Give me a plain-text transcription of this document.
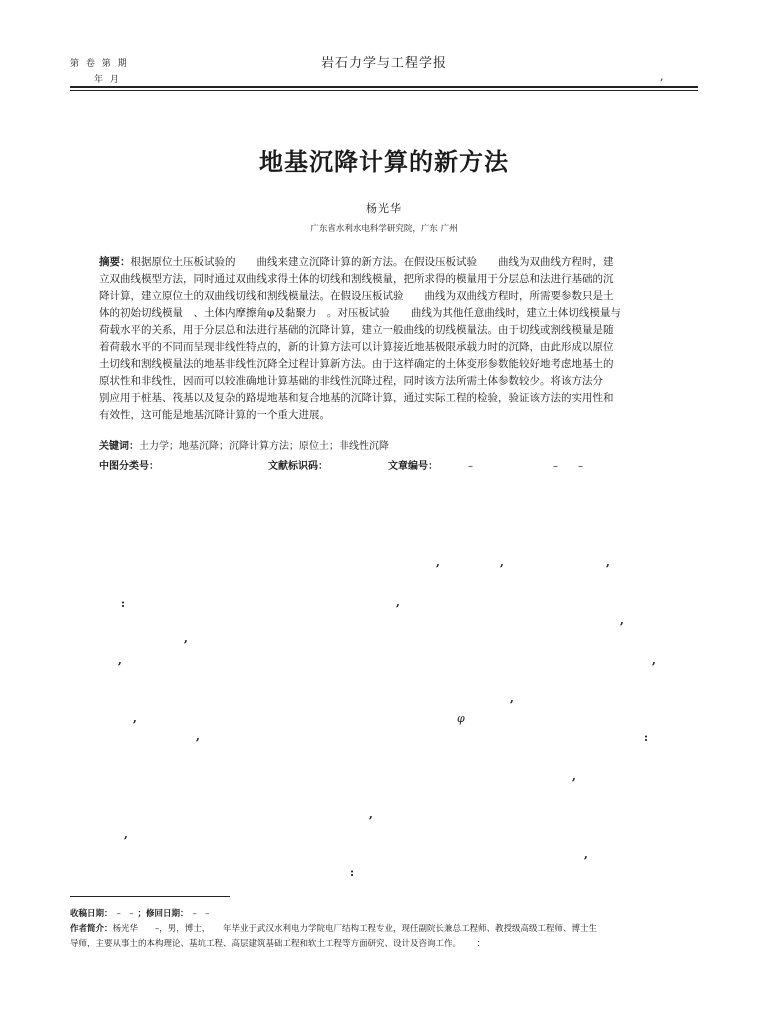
第 卷 第 期
年 月
岩石力学与工程学报
,
地基沉降计算的新方法
杨光华
广东省水利水电科学研究院，广东 广州
摘要：根据原位土压板试验的　　曲线来建立沉降计算的新方法。在假设压板试验　　曲线为双曲线方程时，建
立双曲线模型方法，同时通过双曲线求得土体的切线和割线模量，把所求得的模量用于分层总和法进行基础的沉
降计算，建立原位土的双曲线切线和割线模量法。在假设压板试验　　曲线为双曲线方程时，所需要参数只是土
体的初始切线模量　、土体内摩擦角φ及黏聚力　。对压板试验　　曲线为其他任意曲线时，建立土体切线模量与
荷载水平的关系，用于分层总和法进行基础的沉降计算，建立一般曲线的切线模量法。由于切线或割线模量是随
着荷载水平的不同而呈现非线性特点的，新的计算方法可以计算接近地基极限承载力时的沉降，由此形成以原位
土切线和割线模量法的地基非线性沉降全过程计算新方法。由于这样确定的土体变形参数能较好地考虑地基土的
原状性和非线性，因而可以较准确地计算基础的非线性沉降过程，同时该方法所需土体参数较少。将该方法分
别应用于桩基、筏基以及复杂的路堤地基和复合地基的沉降计算，通过实际工程的检验，验证该方法的实用性和
有效性，这可能是地基沉降计算的一个重大进展。
关键词：土力学；地基沉降；沉降计算方法；原位土；非线性沉降
中图分类号：	文献标识码：	文章编号：	–　　　　　　　　–　　–
,	,	,
:	,
,
,
,	,
,
,	φ
,	:
,
,
,
,
:
收稿日期： –　– ；修回日期： –　–
作者简介：杨光华　　–，男，博士，　　年毕业于武汉水利电力学院电厂结构工程专业，现任副院长兼总工程师、教授级高级工程师、博士生
导师，主要从事土的本构理论、基坑工程、高层建筑基础工程和软土工程等方面研究、设计及咨询工作。 ：
